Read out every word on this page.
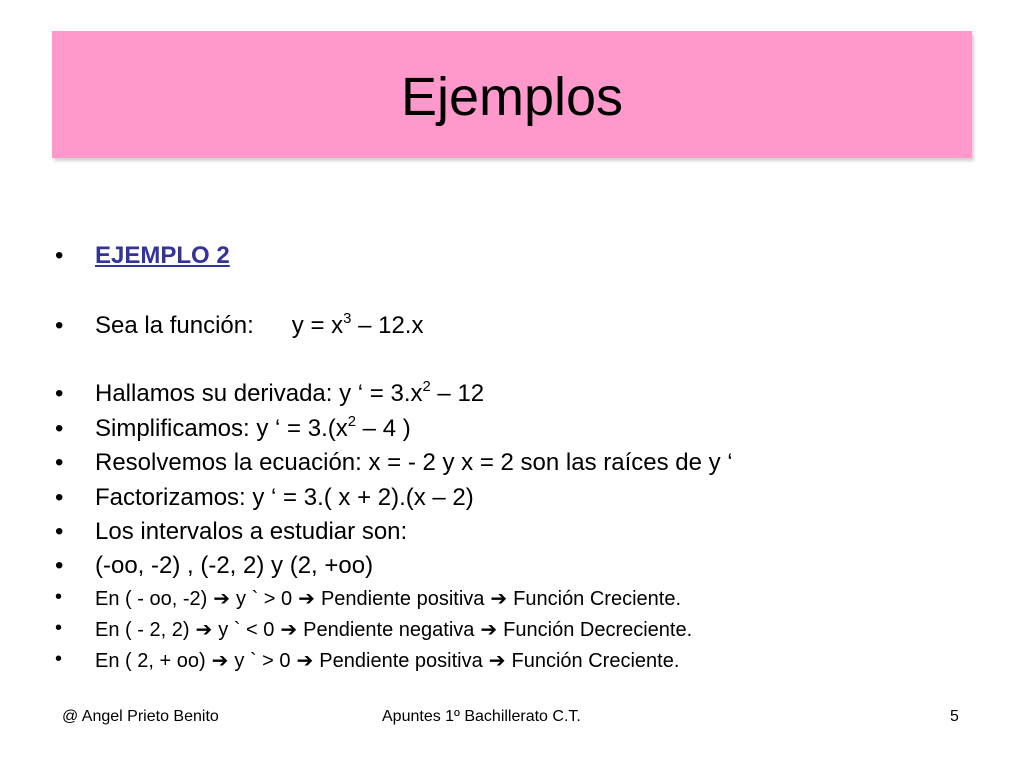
Ejemplos
• EJEMPLO 2
• Sea la función: $y = x^3 - 12.x$
• Hallamos su derivada: y ‘ = $3.x^2 - 12$
• Simplificamos: y ‘ = $3.(x^2 - 4$ )
• Resolvemos la ecuación: x = - 2 y x = 2 son las raíces de y ‘
• Factorizamos: y ‘ = 3.( x + 2).(x – 2)
• Los intervalos a estudiar son:
• (-oo, -2) , (-2, 2) y (2, +oo)
• En ( - oo, -2) ➔ y ` > 0 ➔ Pendiente positiva ➔ Función Creciente.
• En ( - 2, 2) ➔ y ` < 0 ➔ Pendiente negativa ➔ Función Decreciente.
• En ( 2, + oo) ➔ y ` > 0 ➔ Pendiente positiva ➔ Función Creciente.
@ Angel Prieto Benito	Apuntes 1º Bachillerato C.T.	5
